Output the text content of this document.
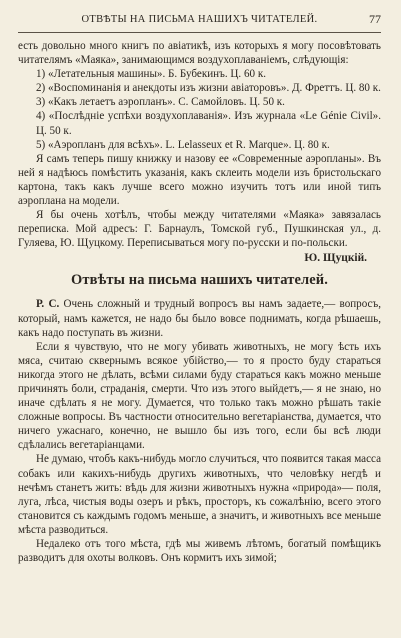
ОТВѢТЫ НА ПИСЬМА НАШИХЪ ЧИТАТЕЛЕЙ.	77

есть довольно много книгъ по авіатикѣ, изъ которыхъ я могу посовѣтовать читателямъ «Маяка», занимающимся воздухоплаваніемъ, слѣдующія:

1) «Летательныя машины». Б. Бубекинъ. Ц. 60 к.

2) «Воспоминанія и анекдоты изъ жизни авіаторовъ». Д. Фреттъ. Ц. 80 к.

3) «Какъ летаетъ аэропланъ». С. Самойловъ. Ц. 50 к.

4) «Послѣдніе успѣхи воздухоплаванія». Изъ журнала «Le Génie Civil». Ц. 50 к.

5) «Аэропланъ для всѣхъ». L. Lelasseux et R. Marque». Ц. 80 к.

Я самъ теперь пишу книжку и назову ее «Современные аэропланы». Въ ней я надѣюсь помѣстить указанія, какъ склеить модели изъ бристольскаго картона, такъ какъ лучше всего можно изучить тотъ или иной типъ аэроплана на модели.

Я бы очень хотѣлъ, чтобы между читателями «Маяка» завязалась переписка. Мой адресъ: Г. Барнаулъ, Томской губ., Пушкинская ул., д. Гуляева, Ю. Щуцкому. Переписываться могу по-русски и по-польски.

Ю. Щуцкій.
Отвѣты на письма нашихъ читателей.

Р. С. Очень сложный и трудный вопросъ вы намъ задаете,— вопросъ, который, намъ кажется, не надо бы было вовсе поднимать, когда рѣшаешь, какъ надо поступать въ жизни.

Если я чувствую, что не могу убивать животныхъ, не могу ѣсть ихъ мяса, считаю сквернымъ всякое убійство,— то я просто буду стараться никогда этого не дѣлать, всѣми силами буду стараться какъ можно меньше причинять боли, страданія, смерти. Что изъ этого выйдетъ,— я не знаю, но иначе сдѣлать я не могу. Думается, что только такъ можно рѣшать такіе сложные вопросы. Въ частности относительно вегетаріанства, думается, что ничего ужаснаго, конечно, не вышло бы изъ того, если бы всѣ люди сдѣлались вегетаріанцами.

Не думаю, чтобъ какъ-нибудь могло случиться, что появится такая масса собакъ или какихъ-нибудь другихъ животныхъ, что человѣку негдѣ и нечѣмъ станетъ жить: вѣдь для жизни животныхъ нужна «природа»— поля, луга, лѣса, чистыя воды озеръ и рѣкъ, просторъ, къ сожалѣнію, всего этого становится съ каждымъ годомъ меньше, а значитъ, и животныхъ все меньше мѣста разводиться.

Недалеко отъ того мѣста, гдѣ мы живемъ лѣтомъ, богатый помѣщикъ разводитъ для охоты волковъ. Онъ кормитъ ихъ зимой;
